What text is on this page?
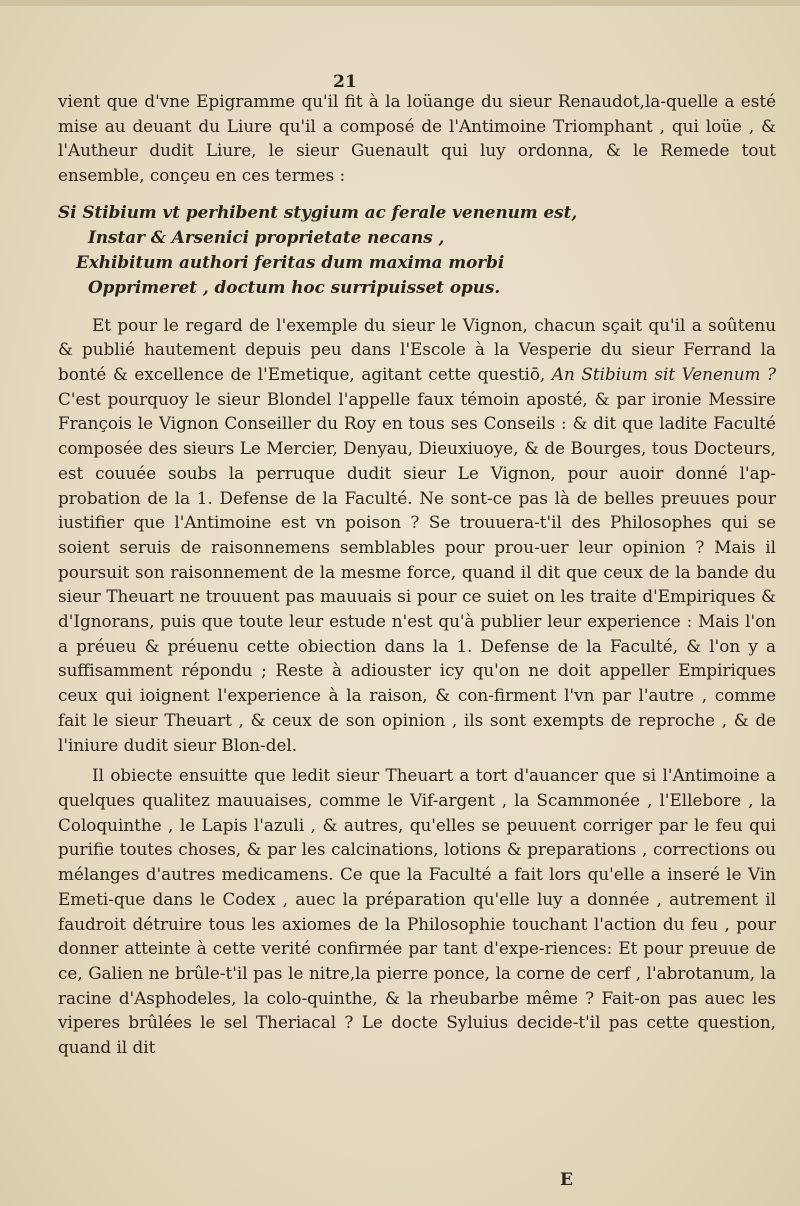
21

vient que d'vne Epigramme qu'il fit à la loüange du sieur Renaudot,la-quelle a esté mise au deuant du Liure qu'il a composé de l'Antimoine Triomphant , qui loüe , & l'Autheur dudit Liure, le sieur Guenault qui luy ordonna, & le Remede tout ensemble, conçeu en ces termes :

Si Stibium vt perhibent stygium ac ferale venenum est,
Instar & Arsenici proprietate necans ,
Exhibitum authori feritas dum maxima morbi
Opprimeret , doctum hoc surripuisset opus.

Et pour le regard de l'exemple du sieur le Vignon, chacun sçait qu'il a soûtenu & publié hautement depuis peu dans l'Escole à la Vesperie du sieur Ferrand la bonté & excellence de l'Emetique, agitant cette questiō, An Stibium sit Venenum ? C'est pourquoy le sieur Blondel l'appelle faux témoin aposté, & par ironie Messire François le Vignon Conseiller du Roy en tous ses Conseils : & dit que ladite Faculté composée des sieurs Le Mercier, Denyau, Dieuxiuoye, & de Bourges, tous Docteurs, est couuée soubs la perruque dudit sieur Le Vignon, pour auoir donné l'ap-probation de la 1. Defense de la Faculté. Ne sont-ce pas là de belles preuues pour iustifier que l'Antimoine est vn poison ? Se trouuera-t'il des Philosophes qui se soient seruis de raisonnemens semblables pour prou-uer leur opinion ? Mais il poursuit son raisonnement de la mesme force, quand il dit que ceux de la bande du sieur Theuart ne trouuent pas mauuais si pour ce suiet on les traite d'Empiriques & d'Ignorans, puis que toute leur estude n'est qu'à publier leur experience : Mais l'on a préueu & préuenu cette obiection dans la 1. Defense de la Faculté, & l'on y a suffisamment répondu ; Reste à adiouster icy qu'on ne doit appeller Empiriques ceux qui ioignent l'experience à la raison, & con-firment l'vn par l'autre , comme fait le sieur Theuart , & ceux de son opinion , ils sont exempts de reproche , & de l'iniure dudit sieur Blon-del.

Il obiecte ensuitte que ledit sieur Theuart a tort d'auancer que si l'Antimoine a quelques qualitez mauuaises, comme le Vif-argent , la Scammonée , l'Ellebore , la Coloquinthe , le Lapis l'azuli , & autres, qu'elles se peuuent corriger par le feu qui purifie toutes choses, & par les calcinations, lotions & preparations , corrections ou mélanges d'autres medicamens. Ce que la Faculté a fait lors qu'elle a inseré le Vin Emeti-que dans le Codex , auec la préparation qu'elle luy a donnée , autrement il faudroit détruire tous les axiomes de la Philosophie touchant l'action du feu , pour donner atteinte à cette verité confirmée par tant d'expe-riences: Et pour preuue de ce, Galien ne brûle-t'il pas le nitre,la pierre ponce, la corne de cerf , l'abrotanum, la racine d'Asphodeles, la colo-quinthe, & la rheubarbe même ? Fait-on pas auec les viperes brûlées le sel Theriacal ? Le docte Syluius decide-t'il pas cette question, quand il dit

E
